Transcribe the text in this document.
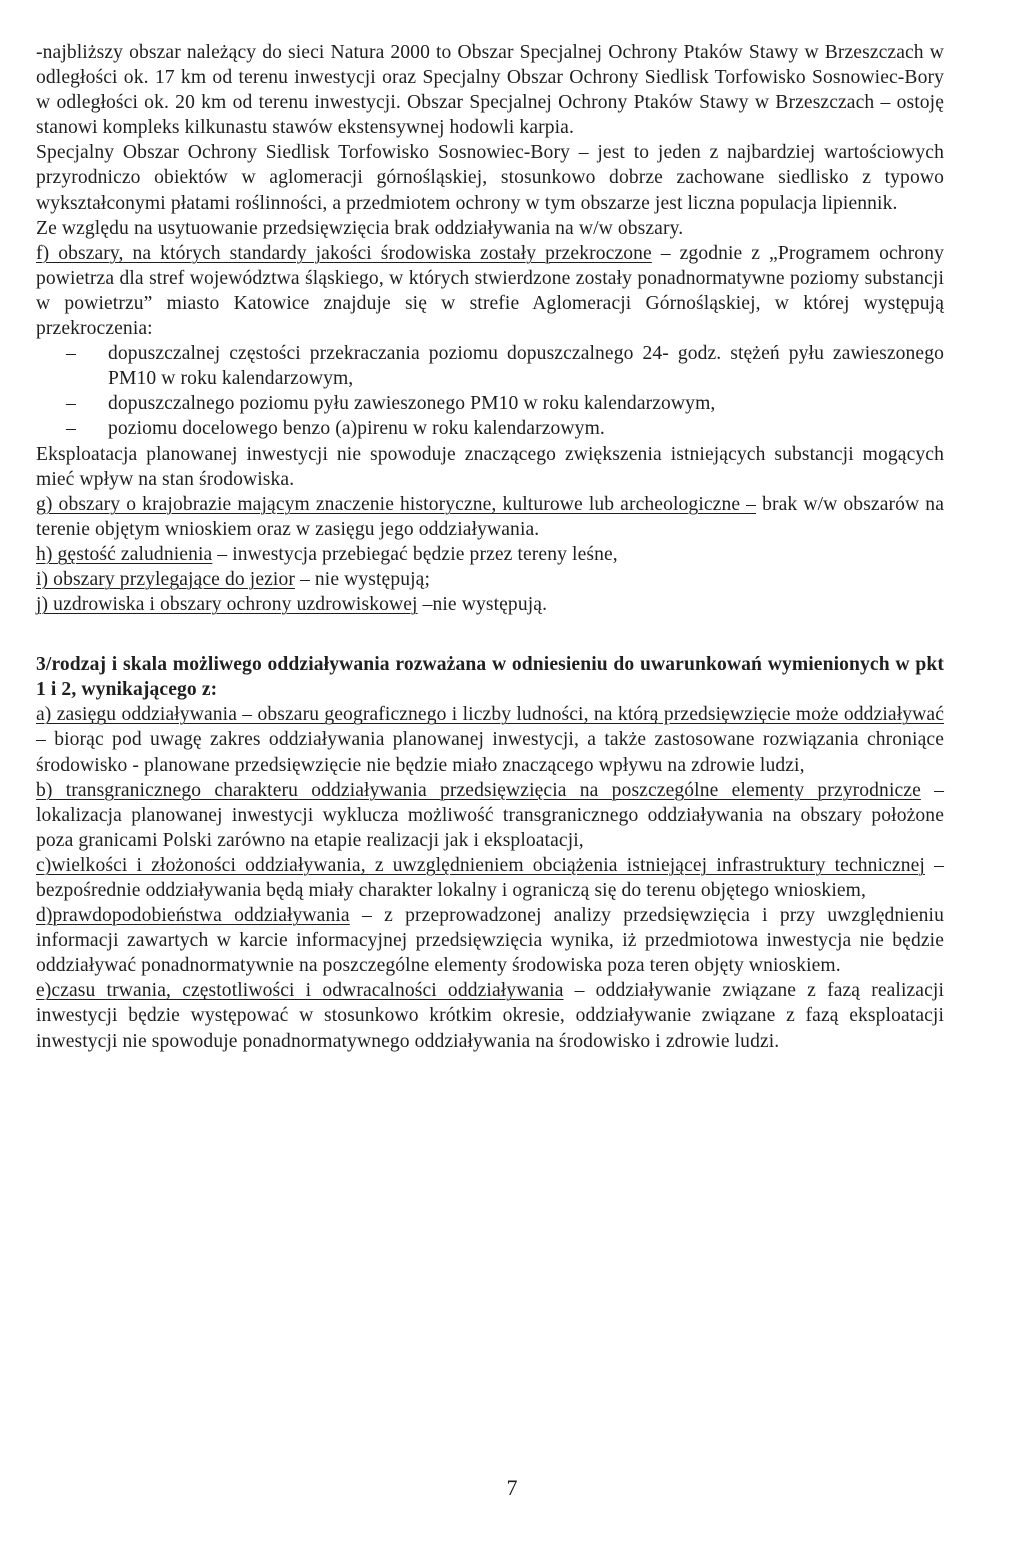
-najbliższy obszar należący do sieci Natura 2000 to Obszar Specjalnej Ochrony Ptaków Stawy w Brzeszczach w odległości ok. 17 km od terenu inwestycji oraz Specjalny Obszar Ochrony Siedlisk Torfowisko Sosnowiec-Bory w odległości ok. 20 km od terenu inwestycji. Obszar Specjalnej Ochrony Ptaków Stawy w Brzeszczach – ostoję stanowi kompleks kilkunastu stawów ekstensywnej hodowli karpia.

Specjalny Obszar Ochrony Siedlisk Torfowisko Sosnowiec-Bory – jest to jeden z najbardziej wartościowych przyrodniczo obiektów w aglomeracji górnośląskiej, stosunkowo dobrze zachowane siedlisko z typowo wykształconymi płatami roślinności, a przedmiotem ochrony w tym obszarze jest liczna populacja lipiennik.

Ze względu na usytuowanie przedsięwzięcia brak oddziaływania na w/w obszary.

f) obszary, na których standardy jakości środowiska zostały przekroczone – zgodnie z „Programem ochrony powietrza dla stref województwa śląskiego, w których stwierdzone zostały ponadnormatywne poziomy substancji w powietrzu” miasto Katowice znajduje się w strefie Aglomeracji Górnośląskiej, w której występują przekroczenia:

– dopuszczalnej częstości przekraczania poziomu dopuszczalnego 24- godz. stężeń pyłu zawieszonego PM10 w roku kalendarzowym,
– dopuszczalnego poziomu pyłu zawieszonego PM10 w roku kalendarzowym,
– poziomu docelowego benzo (a)pirenu w roku kalendarzowym.

Eksploatacja planowanej inwestycji nie spowoduje znaczącego zwiększenia istniejących substancji mogących mieć wpływ na stan środowiska.

g) obszary o krajobrazie mającym znaczenie historyczne, kulturowe lub archeologiczne – brak w/w obszarów na terenie objętym wnioskiem oraz w zasięgu jego oddziaływania.

h) gęstość zaludnienia – inwestycja przebiegać będzie przez tereny leśne,

i) obszary przylegające do jezior – nie występują;

j) uzdrowiska i obszary ochrony uzdrowiskowej –nie występują.

3/rodzaj i skala możliwego oddziaływania rozważana w odniesieniu do uwarunkowań wymienionych w pkt 1 i 2, wynikającego z:

a) zasięgu oddziaływania – obszaru geograficznego i liczby ludności, na którą przedsięwzięcie może oddziaływać – biorąc pod uwagę zakres oddziaływania planowanej inwestycji, a także zastosowane rozwiązania chroniące środowisko - planowane przedsięwzięcie nie będzie miało znaczącego wpływu na zdrowie ludzi,

b) transgranicznego charakteru oddziaływania przedsięwzięcia na poszczególne elementy przyrodnicze – lokalizacja planowanej inwestycji wyklucza możliwość transgranicznego oddziaływania na obszary położone poza granicami Polski zarówno na etapie realizacji jak i eksploatacji,

c)wielkości i złożoności oddziaływania, z uwzględnieniem obciążenia istniejącej infrastruktury technicznej – bezpośrednie oddziaływania będą miały charakter lokalny i ograniczą się do terenu objętego wnioskiem,

d)prawdopodobieństwa oddziaływania – z przeprowadzonej analizy przedsięwzięcia i przy uwzględnieniu informacji zawartych w karcie informacyjnej przedsięwzięcia wynika, iż przedmiotowa inwestycja nie będzie oddziaływać ponadnormatywnie na poszczególne elementy środowiska poza teren objęty wnioskiem.

e)czasu trwania, częstotliwości i odwracalności oddziaływania – oddziaływanie związane z fazą realizacji inwestycji będzie występować w stosunkowo krótkim okresie, oddziaływanie związane z fazą eksploatacji inwestycji nie spowoduje ponadnormatywnego oddziaływania na środowisko i zdrowie ludzi.

7
